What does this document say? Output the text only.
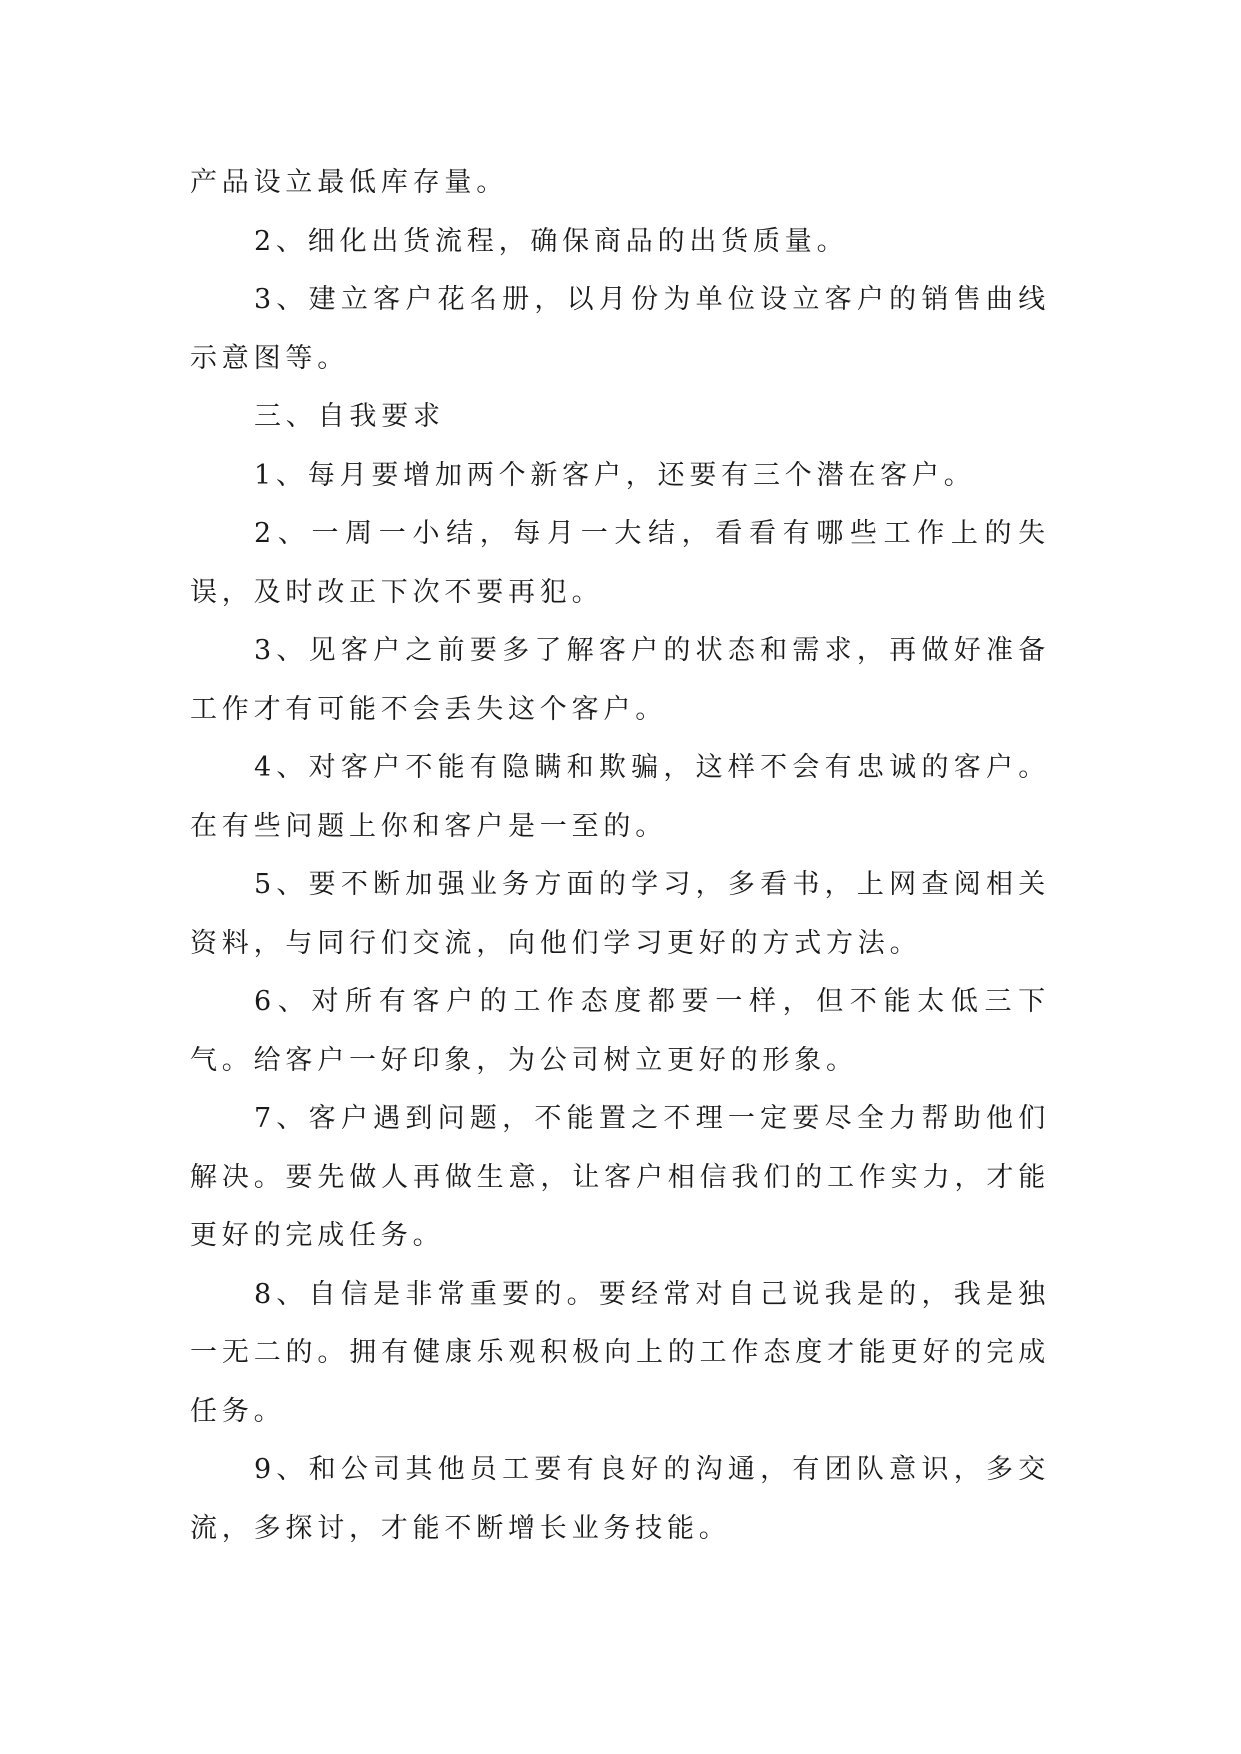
产品设立最低库存量。

2、细化出货流程，确保商品的出货质量。

3、建立客户花名册，以月份为单位设立客户的销售曲线示意图等。

三、自我要求

1、每月要增加两个新客户，还要有三个潜在客户。

2、一周一小结，每月一大结，看看有哪些工作上的失误，及时改正下次不要再犯。

3、见客户之前要多了解客户的状态和需求，再做好准备工作才有可能不会丢失这个客户。

4、对客户不能有隐瞒和欺骗，这样不会有忠诚的客户。在有些问题上你和客户是一至的。

5、要不断加强业务方面的学习，多看书，上网查阅相关资料，与同行们交流，向他们学习更好的方式方法。

6、对所有客户的工作态度都要一样，但不能太低三下气。给客户一好印象，为公司树立更好的形象。

7、客户遇到问题，不能置之不理一定要尽全力帮助他们解决。要先做人再做生意，让客户相信我们的工作实力，才能更好的完成任务。

8、自信是非常重要的。要经常对自己说我是的，我是独一无二的。拥有健康乐观积极向上的工作态度才能更好的完成任务。

9、和公司其他员工要有良好的沟通，有团队意识，多交流，多探讨，才能不断增长业务技能。
